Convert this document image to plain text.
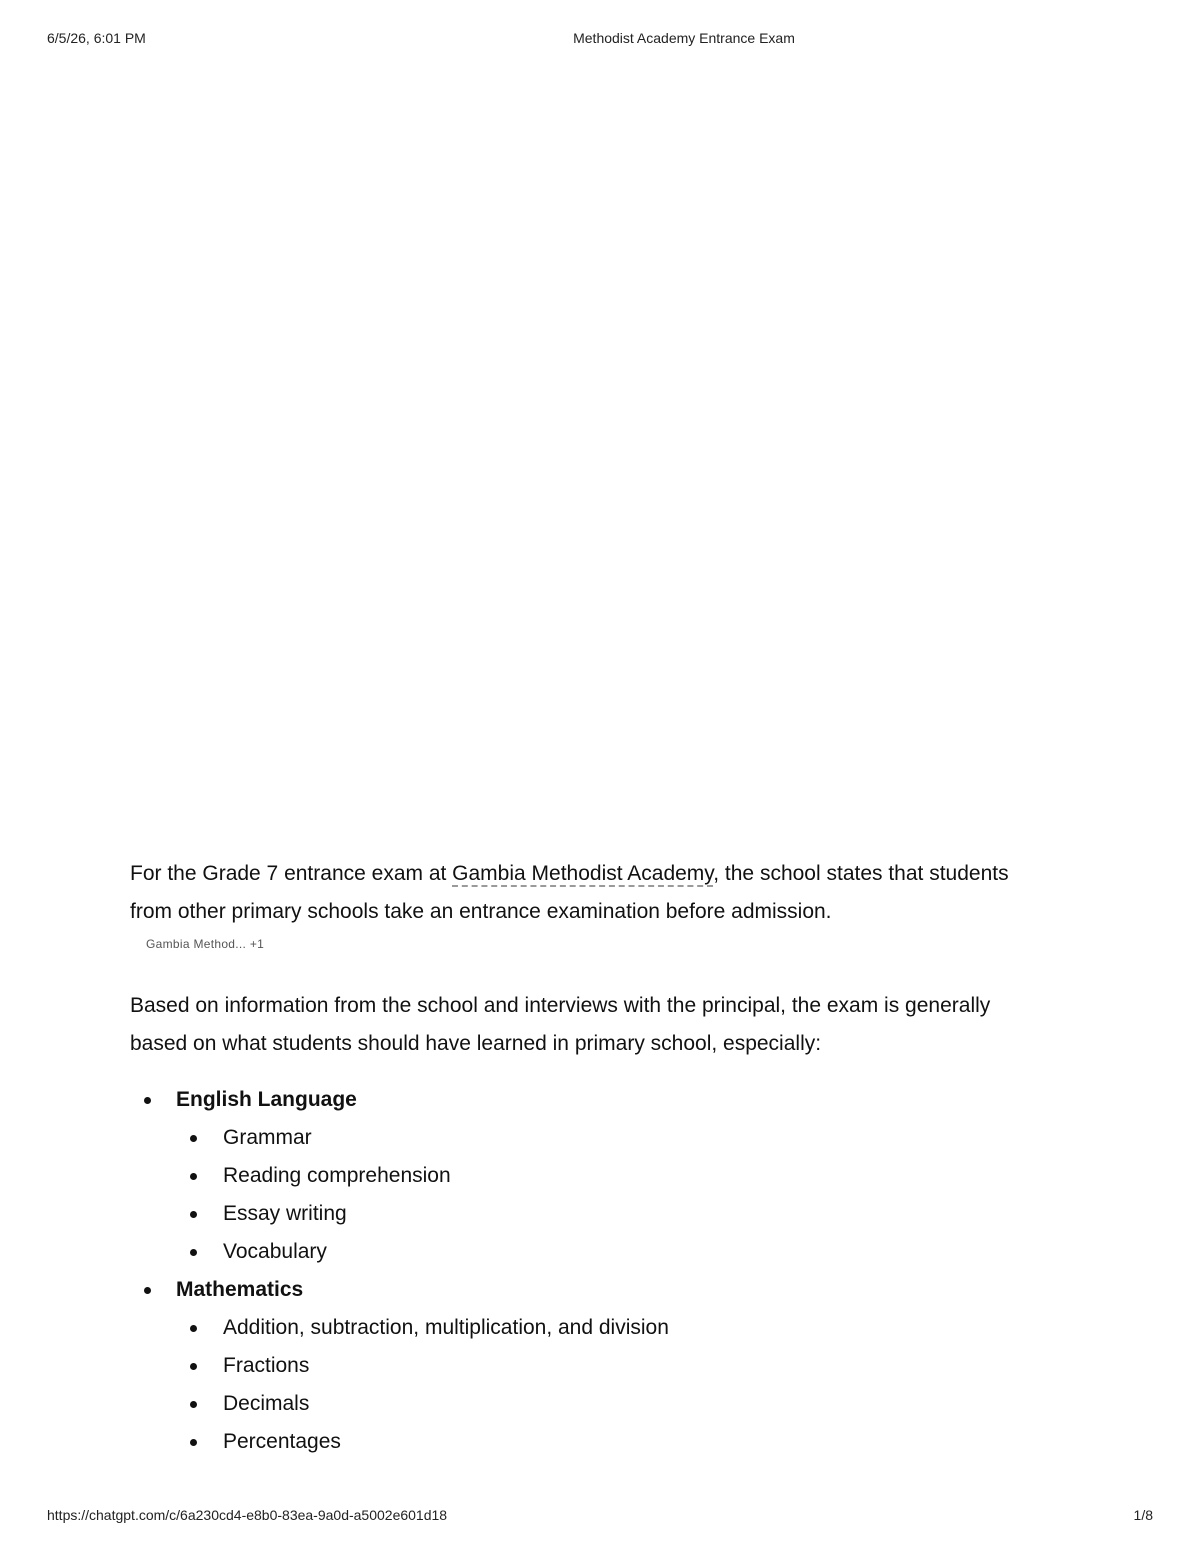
6/5/26, 6:01 PM	Methodist Academy Entrance Exam

For the Grade 7 entrance exam at Gambia Methodist Academy, the school states that students from other primary schools take an entrance examination before admission.

Gambia Method... +1

Based on information from the school and interviews with the principal, the exam is generally based on what students should have learned in primary school, especially:

English Language
Grammar
Reading comprehension
Essay writing
Vocabulary
Mathematics
Addition, subtraction, multiplication, and division
Fractions
Decimals
Percentages
https://chatgpt.com/c/6a230cd4-e8b0-83ea-9a0d-a5002e601d18	1/8
